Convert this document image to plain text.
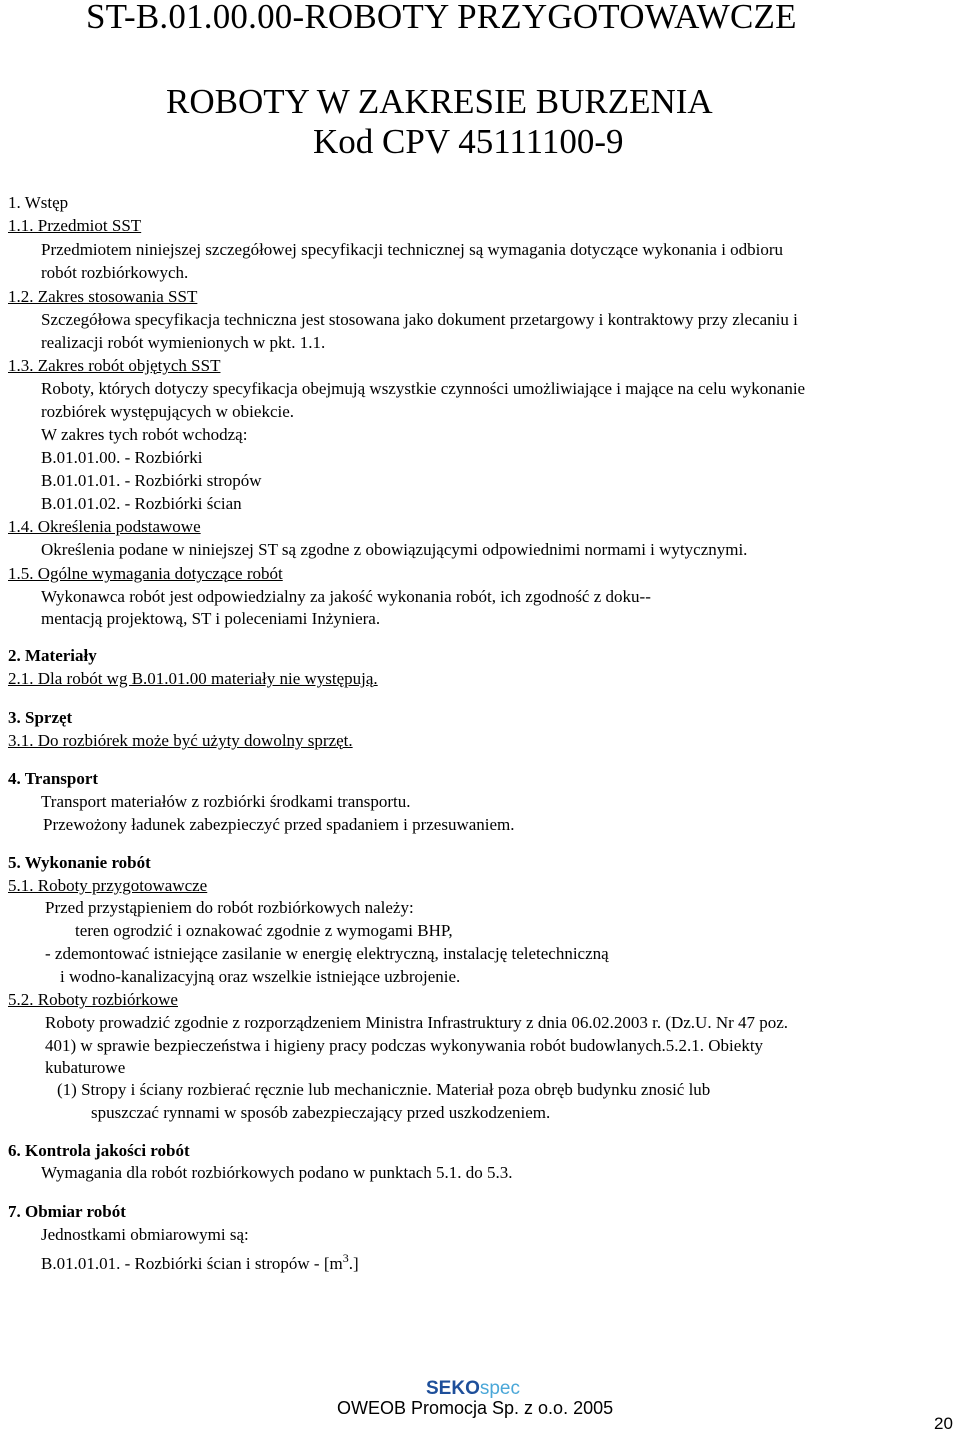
ST-B.01.00.00-ROBOTY PRZYGOTOWAWCZE
ROBOTY W ZAKRESIE BURZENIA
Kod CPV 45111100-9
1. Wstęp
1.1. Przedmiot SST
Przedmiotem niniejszej szczegółowej specyfikacji technicznej są wymagania dotyczące wykonania i odbioru
robót rozbiórkowych.
1.2. Zakres stosowania SST
Szczegółowa specyfikacja techniczna jest stosowana jako dokument przetargowy i kontraktowy przy zlecaniu i
realizacji robót wymienionych w pkt. 1.1.
1.3. Zakres robót objętych SST
Roboty, których dotyczy specyfikacja obejmują wszystkie czynności umożliwiające i mające na celu wykonanie
rozbiórek występujących w obiekcie.
W zakres tych robót wchodzą:
B.01.01.00. - Rozbiórki
B.01.01.01. - Rozbiórki stropów
B.01.01.02. - Rozbiórki ścian
1.4. Określenia podstawowe
Określenia podane w niniejszej ST są zgodne z obowiązującymi odpowiednimi normami i wytycznymi.
1.5. Ogólne wymagania dotyczące robót
Wykonawca robót jest odpowiedzialny za jakość wykonania robót, ich zgodność z doku--
mentacją projektową, ST i poleceniami Inżyniera.
2. Materiały
2.1. Dla robót wg B.01.01.00 materiały nie występują.
3. Sprzęt
3.1. Do rozbiórek może być użyty dowolny sprzęt.
4. Transport
Transport materiałów z rozbiórki środkami transportu.
Przewożony ładunek zabezpieczyć przed spadaniem i przesuwaniem.
5. Wykonanie robót
5.1. Roboty przygotowawcze
Przed przystąpieniem do robót rozbiórkowych należy:
teren ogrodzić i oznakować zgodnie z wymogami BHP,
- zdemontować istniejące zasilanie w energię elektryczną, instalację teletechniczną
i wodno-kanalizacyjną oraz wszelkie istniejące uzbrojenie.
5.2. Roboty rozbiórkowe
Roboty prowadzić zgodnie z rozporządzeniem Ministra Infrastruktury z dnia 06.02.2003 r. (Dz.U. Nr 47 poz.
401) w sprawie bezpieczeństwa i higieny pracy podczas wykonywania robót budowlanych.5.2.1. Obiekty
kubaturowe
(1) Stropy i ściany rozbierać ręcznie lub mechanicznie. Materiał poza obręb budynku znosić lub
spuszczać rynnami w sposób zabezpieczający przed uszkodzeniem.
6. Kontrola jakości robót
Wymagania dla robót rozbiórkowych podano w punktach 5.1. do 5.3.
7. Obmiar robót
Jednostkami obmiarowymi są:
B.01.01.01. - Rozbiórki ścian i stropów - $[m^3.]$
SEKOspec
OWEOB Promocja Sp. z o.o. 2005
20
